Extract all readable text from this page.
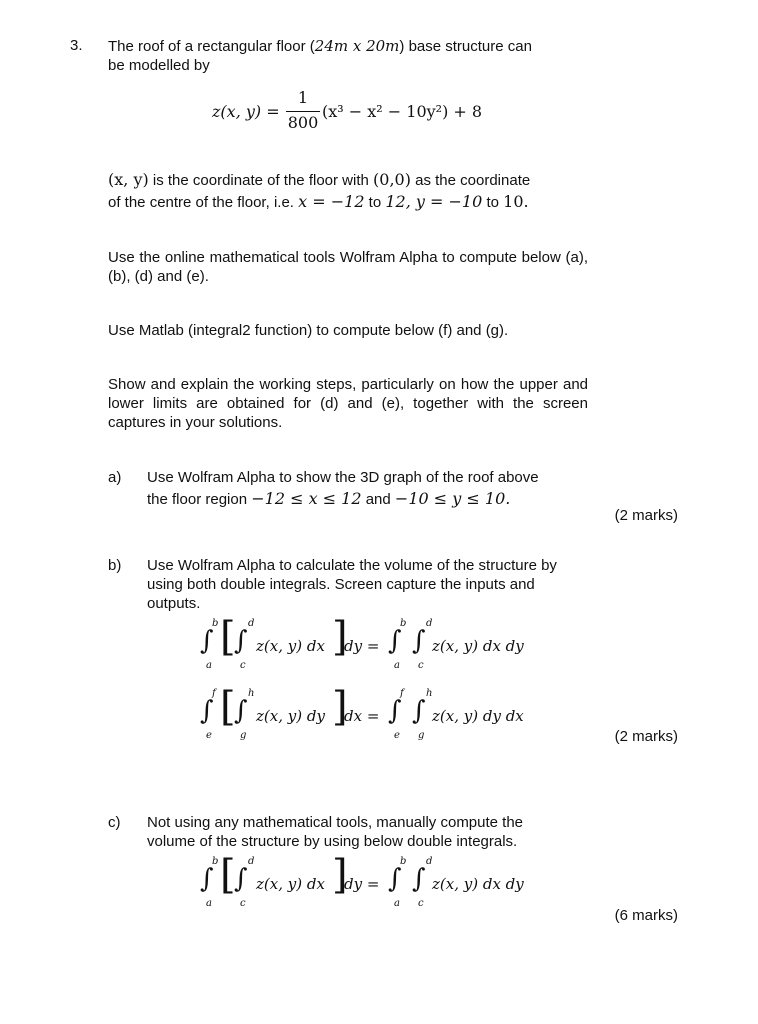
3. The roof of a rectangular floor (24m x 20m) base structure can
be modelled by
z(x, y) =
1
800
(x³ − x² − 10y²) + 8
(x, y) is the coordinate of the floor with (0,0) as the coordinate
of the centre of the floor, i.e. x = −12 to 12, y = −10 to 10.
Use the online mathematical tools Wolfram Alpha to compute below (a), (b), (d) and (e).
Use Matlab (integral2 function) to compute below (f) and (g).
Show and explain the working steps, particularly on how the upper and lower limits are obtained for (d) and (e), together with the screen captures in your solutions.
a) Use Wolfram Alpha to show the 3D graph of the roof above
the floor region −12 ≤ x ≤ 12 and −10 ≤ y ≤ 10.
(2 marks)
b) Use Wolfram Alpha to calculate the volume of the structure by using both double integrals. Screen capture the inputs and outputs.
∫
b
a
[
∫
d
c
z(x, y) dx ]
dy = ∫
b
a
∫
d
c
z(x, y) dx dy
∫
f
e
[
∫
h
g
z(x, y) dy ]
dx = ∫
f
e
∫
h
g
z(x, y) dy dx
(2 marks)
c) Not using any mathematical tools, manually compute the volume of the structure by using below double integrals.
∫
b
a
[
∫
d
c
z(x, y) dx ]
dy = ∫
b
a
∫
d
c
z(x, y) dx dy
(6 marks)
